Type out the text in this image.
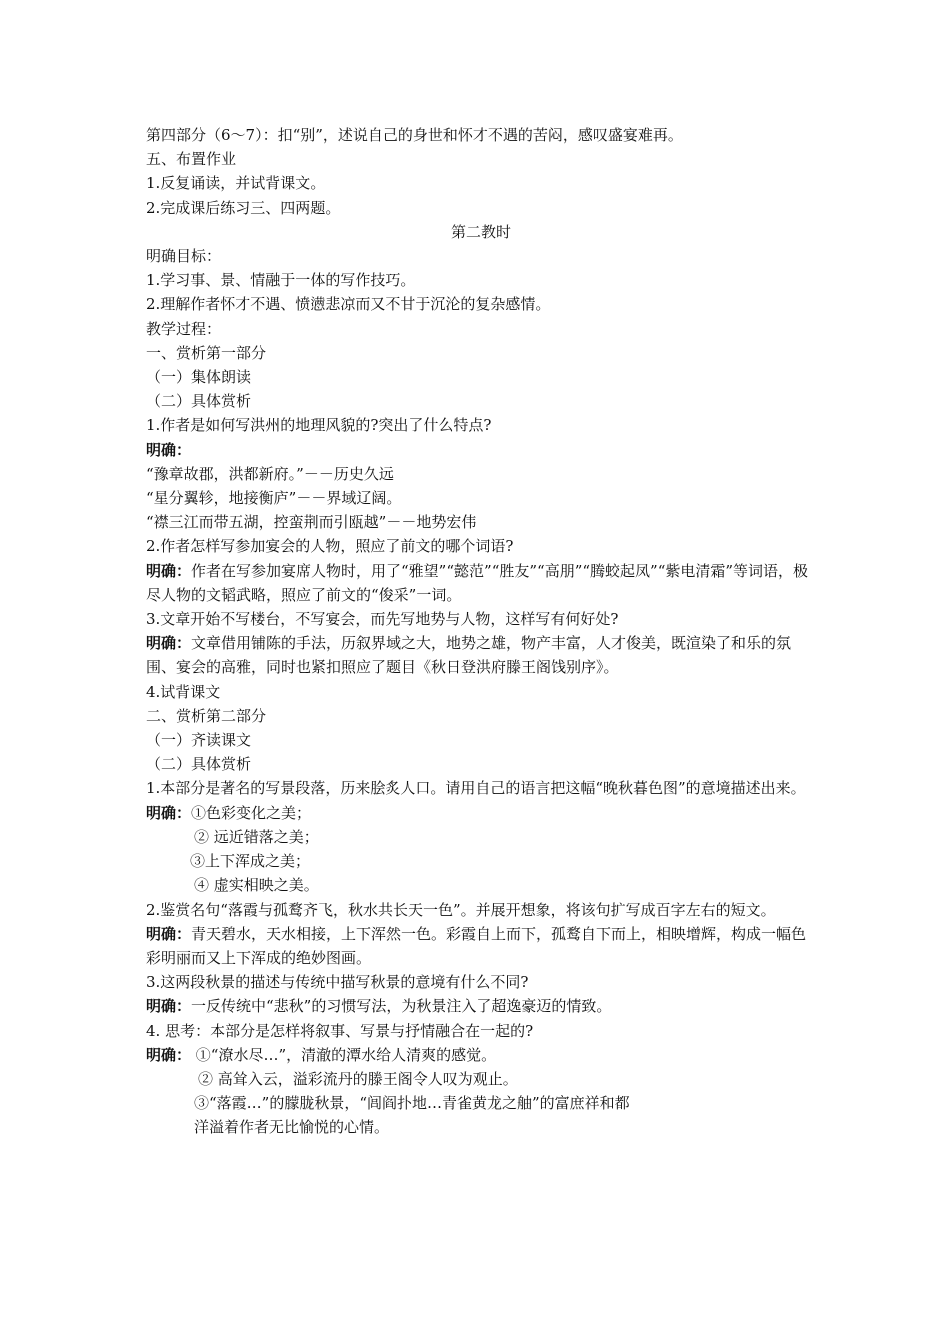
第四部分（6～7）：扣“别”，述说自己的身世和怀才不遇的苦闷，感叹盛宴难再。
五、布置作业
1.反复诵读，并试背课文。
2.完成课后练习三、四两题。
第二教时
明确目标：
1.学习事、景、情融于一体的写作技巧。
2.理解作者怀才不遇、愤懑悲凉而又不甘于沉沦的复杂感情。
教学过程：
一、赏析第一部分
（一）集体朗读
（二）具体赏析
1.作者是如何写洪州的地理风貌的?突出了什么特点?
明确：
“豫章故郡，洪都新府。”－－历史久远
“星分翼轸，地接衡庐”－－界域辽阔。
“襟三江而带五湖，控蛮荆而引瓯越”－－地势宏伟
2.作者怎样写参加宴会的人物，照应了前文的哪个词语?
明确：作者在写参加宴席人物时，用了“雅望”“懿范”“胜友”“高朋”“腾蛟起凤”“紫电清霜”等词语，极尽人物的文韬武略，照应了前文的“俊采”一词。
3.文章开始不写楼台，不写宴会，而先写地势与人物，这样写有何好处?
明确：文章借用铺陈的手法，历叙界域之大，地势之雄，物产丰富，人才俊美，既渲染了和乐的氛围、宴会的高雅，同时也紧扣照应了题目《秋日登洪府滕王阁饯别序》。
4.试背课文
二、赏析第二部分
（一）齐读课文
（二）具体赏析
1.本部分是著名的写景段落，历来脍炙人口。请用自己的语言把这幅“晚秋暮色图”的意境描述出来。
明确：①色彩变化之美；
② 远近错落之美；
③上下浑成之美；
④ 虚实相映之美。
2.鉴赏名句“落霞与孤鹜齐飞，秋水共长天一色”。并展开想象，将该句扩写成百字左右的短文。
明确：青天碧水，天水相接，上下浑然一色。彩霞自上而下，孤鹜自下而上，相映增辉，构成一幅色彩明丽而又上下浑成的绝妙图画。
3.这两段秋景的描述与传统中描写秋景的意境有什么不同?
明确：一反传统中“悲秋”的习惯写法，为秋景注入了超逸豪迈的情致。
4. 思考：本部分是怎样将叙事、写景与抒情融合在一起的?
明确： ①“潦水尽…”，清澈的潭水给人清爽的感觉。
② 高耸入云，溢彩流丹的滕王阁令人叹为观止。
③“落霞…”的朦胧秋景，“闾阎扑地…青雀黄龙之舳”的富庶祥和都
洋溢着作者无比愉悦的心情。
